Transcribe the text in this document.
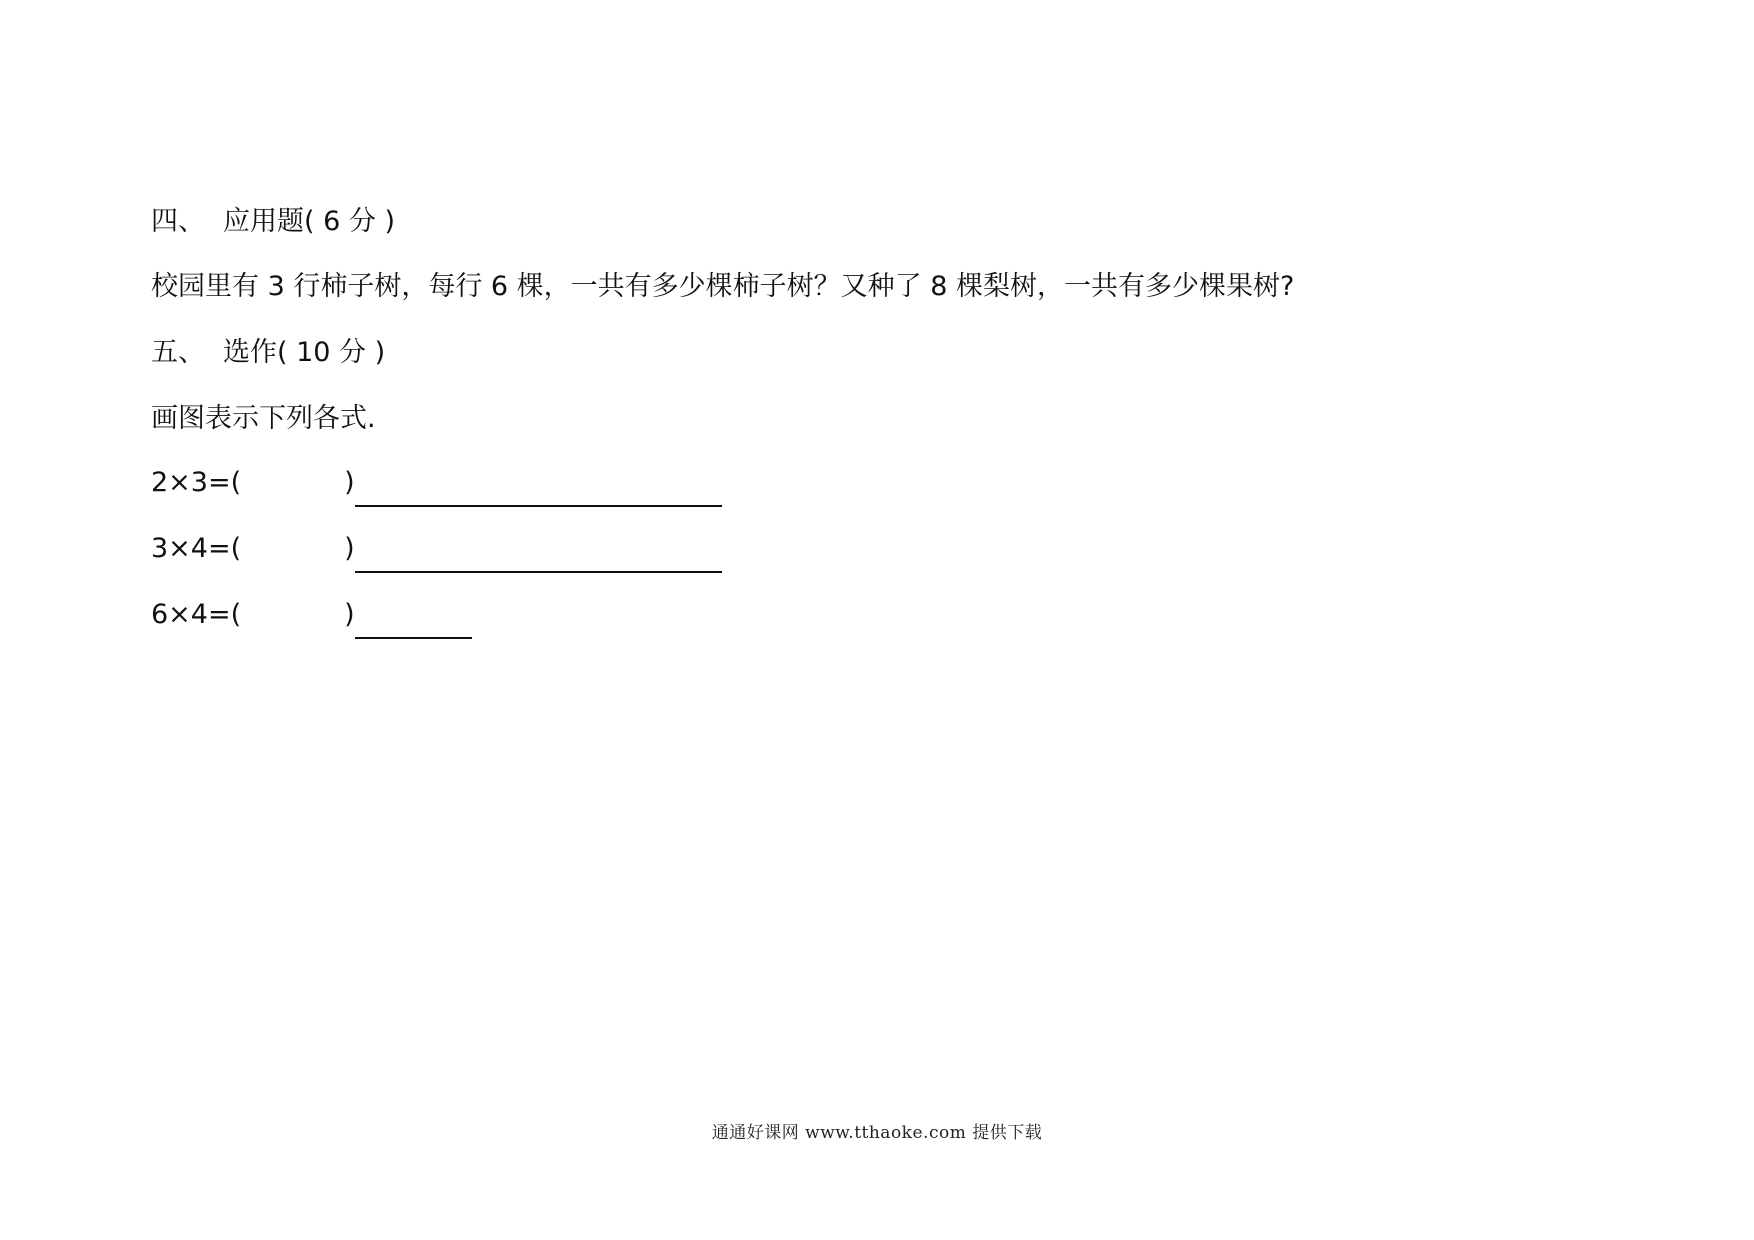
四、 应用题( 6 分 )
校园里有 3 行柿子树，每行 6 棵，一共有多少棵柿子树？又种了 8 棵梨树，一共有多少棵果树?
五、 选作( 10 分 )
画图表示下列各式.
2×3=(	)
3×4=(	)
6×4=(	)
通通好课网 www.tthaoke.com 提供下载
